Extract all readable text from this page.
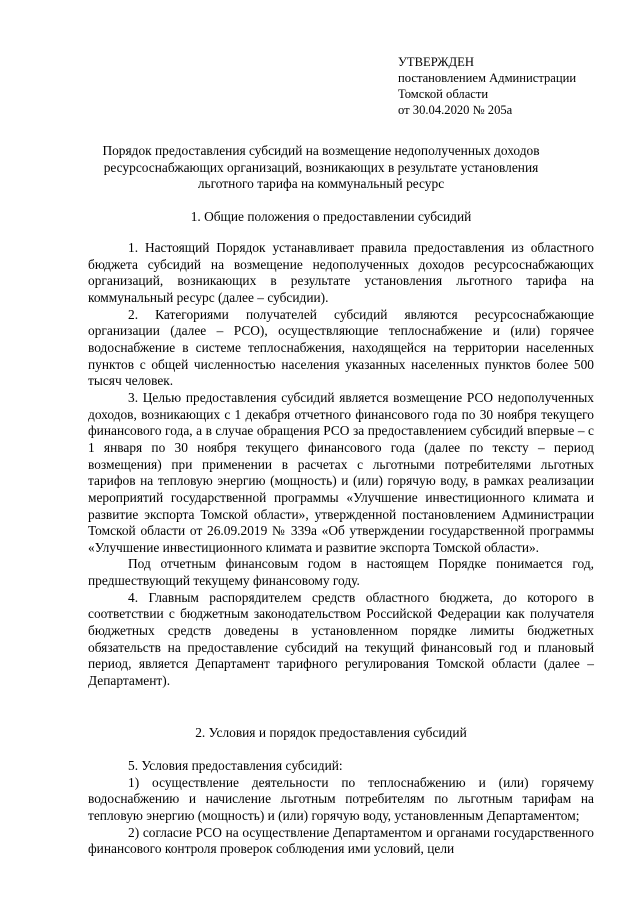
УТВЕРЖДЕН
постановлением Администрации
Томской области
от 30.04.2020 № 205а
Порядок предоставления субсидий на возмещение недополученных доходов ресурсоснабжающих организаций, возникающих в результате установления льготного тарифа на коммунальный ресурс
1. Общие положения о предоставлении субсидий

1. Настоящий Порядок устанавливает правила предоставления из областного бюджета субсидий на возмещение недополученных доходов ресурсоснабжающих организаций, возникающих в результате установления льготного тарифа на коммунальный ресурс (далее – субсидии).

2. Категориями получателей субсидий являются ресурсоснабжающие организации (далее – РСО), осуществляющие теплоснабжение и (или) горячее водоснабжение в системе теплоснабжения, находящейся на территории населенных пунктов с общей численностью населения указанных населенных пунктов более 500 тысяч человек.

3. Целью предоставления субсидий является возмещение РСО недополученных доходов, возникающих с 1 декабря отчетного финансового года по 30 ноября текущего финансового года, а в случае обращения РСО за предоставлением субсидий впервые – с 1 января по 30 ноября текущего финансового года (далее по тексту – период возмещения) при применении в расчетах с льготными потребителями льготных тарифов на тепловую энергию (мощность) и (или) горячую воду, в рамках реализации мероприятий государственной программы «Улучшение инвестиционного климата и развитие экспорта Томской области», утвержденной постановлением Администрации Томской области от 26.09.2019 № 339а «Об утверждении государственной программы «Улучшение инвестиционного климата и развитие экспорта Томской области».

Под отчетным финансовым годом в настоящем Порядке понимается год, предшествующий текущему финансовому году.

4. Главным распорядителем средств областного бюджета, до которого в соответствии с бюджетным законодательством Российской Федерации как получателя бюджетных средств доведены в установленном порядке лимиты бюджетных обязательств на предоставление субсидий на текущий финансовый год и плановый период, является Департамент тарифного регулирования Томской области (далее – Департамент).

2. Условия и порядок предоставления субсидий

5. Условия предоставления субсидий:

1) осуществление деятельности по теплоснабжению и (или) горячему водоснабжению и начисление льготным потребителям по льготным тарифам на тепловую энергию (мощность) и (или) горячую воду, установленным Департаментом;

2) согласие РСО на осуществление Департаментом и органами государственного финансового контроля проверок соблюдения ими условий, цели
